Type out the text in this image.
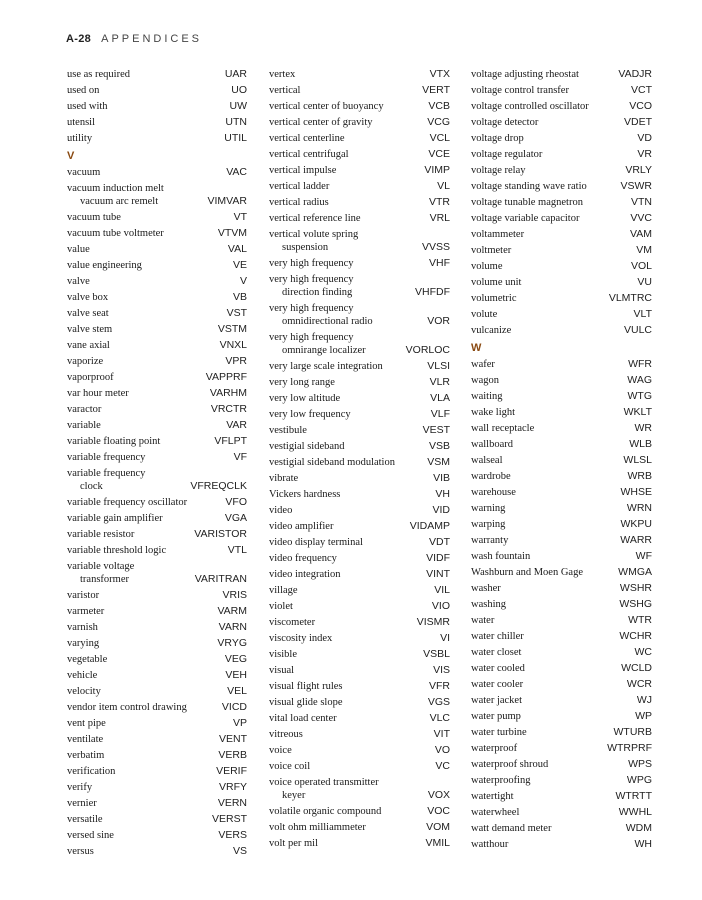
A-28 APPENDICES
use as required	UAR
used on	UO
used with	UW
utensil	UTN
utility	UTIL
V
vacuum	VAC
vacuum induction melt
vacuum arc remelt	VIMVAR
vacuum tube	VT
vacuum tube voltmeter	VTVM
value	VAL
value engineering	VE
valve	V
valve box	VB
valve seat	VST
valve stem	VSTM
vane axial	VNXL
vaporize	VPR
vaporproof	VAPPRF
var hour meter	VARHM
varactor	VRCTR
variable	VAR
variable floating point	VFLPT
variable frequency	VF
variable frequency
clock	VFREQCLK
variable frequency oscillator	VFO
variable gain amplifier	VGA
variable resistor	VARISTOR
variable threshold logic	VTL
variable voltage
transformer	VARITRAN
varistor	VRIS
varmeter	VARM
varnish	VARN
varying	VRYG
vegetable	VEG
vehicle	VEH
velocity	VEL
vendor item control drawing	VICD
vent pipe	VP
ventilate	VENT
verbatim	VERB
verification	VERIF
verify	VRFY
vernier	VERN
versatile	VERST
versed sine	VERS
versus	VS
vertex	VTX
vertical	VERT
vertical center of buoyancy	VCB
vertical center of gravity	VCG
vertical centerline	VCL
vertical centrifugal	VCE
vertical impulse	VIMP
vertical ladder	VL
vertical radius	VTR
vertical reference line	VRL
vertical volute spring
suspension	VVSS
very high frequency	VHF
very high frequency
direction finding	VHFDF
very high frequency
omnidirectional radio	VOR
very high frequency
omnirange localizer	VORLOC
very large scale integration	VLSI
very long range	VLR
very low altitude	VLA
very low frequency	VLF
vestibule	VEST
vestigial sideband	VSB
vestigial sideband modulation	VSM
vibrate	VIB
Vickers hardness	VH
video	VID
video amplifier	VIDAMP
video display terminal	VDT
video frequency	VIDF
video integration	VINT
village	VIL
violet	VIO
viscometer	VISMR
viscosity index	VI
visible	VSBL
visual	VIS
visual flight rules	VFR
visual glide slope	VGS
vital load center	VLC
vitreous	VIT
voice	VO
voice coil	VC
voice operated transmitter
keyer	VOX
volatile organic compound	VOC
volt ohm milliammeter	VOM
volt per mil	VMIL
voltage adjusting rheostat	VADJR
voltage control transfer	VCT
voltage controlled oscillator	VCO
voltage detector	VDET
voltage drop	VD
voltage regulator	VR
voltage relay	VRLY
voltage standing wave ratio	VSWR
voltage tunable magnetron	VTN
voltage variable capacitor	VVC
voltammeter	VAM
voltmeter	VM
volume	VOL
volume unit	VU
volumetric	VLMTRC
volute	VLT
vulcanize	VULC
W
wafer	WFR
wagon	WAG
waiting	WTG
wake light	WKLT
wall receptacle	WR
wallboard	WLB
walseal	WLSL
wardrobe	WRB
warehouse	WHSE
warning	WRN
warping	WKPU
warranty	WARR
wash fountain	WF
Washburn and Moen Gage	WMGA
washer	WSHR
washing	WSHG
water	WTR
water chiller	WCHR
water closet	WC
water cooled	WCLD
water cooler	WCR
water jacket	WJ
water pump	WP
water turbine	WTURB
waterproof	WTRPRF
waterproof shroud	WPS
waterproofing	WPG
watertight	WTRTT
waterwheel	WWHL
watt demand meter	WDM
watthour	WH
